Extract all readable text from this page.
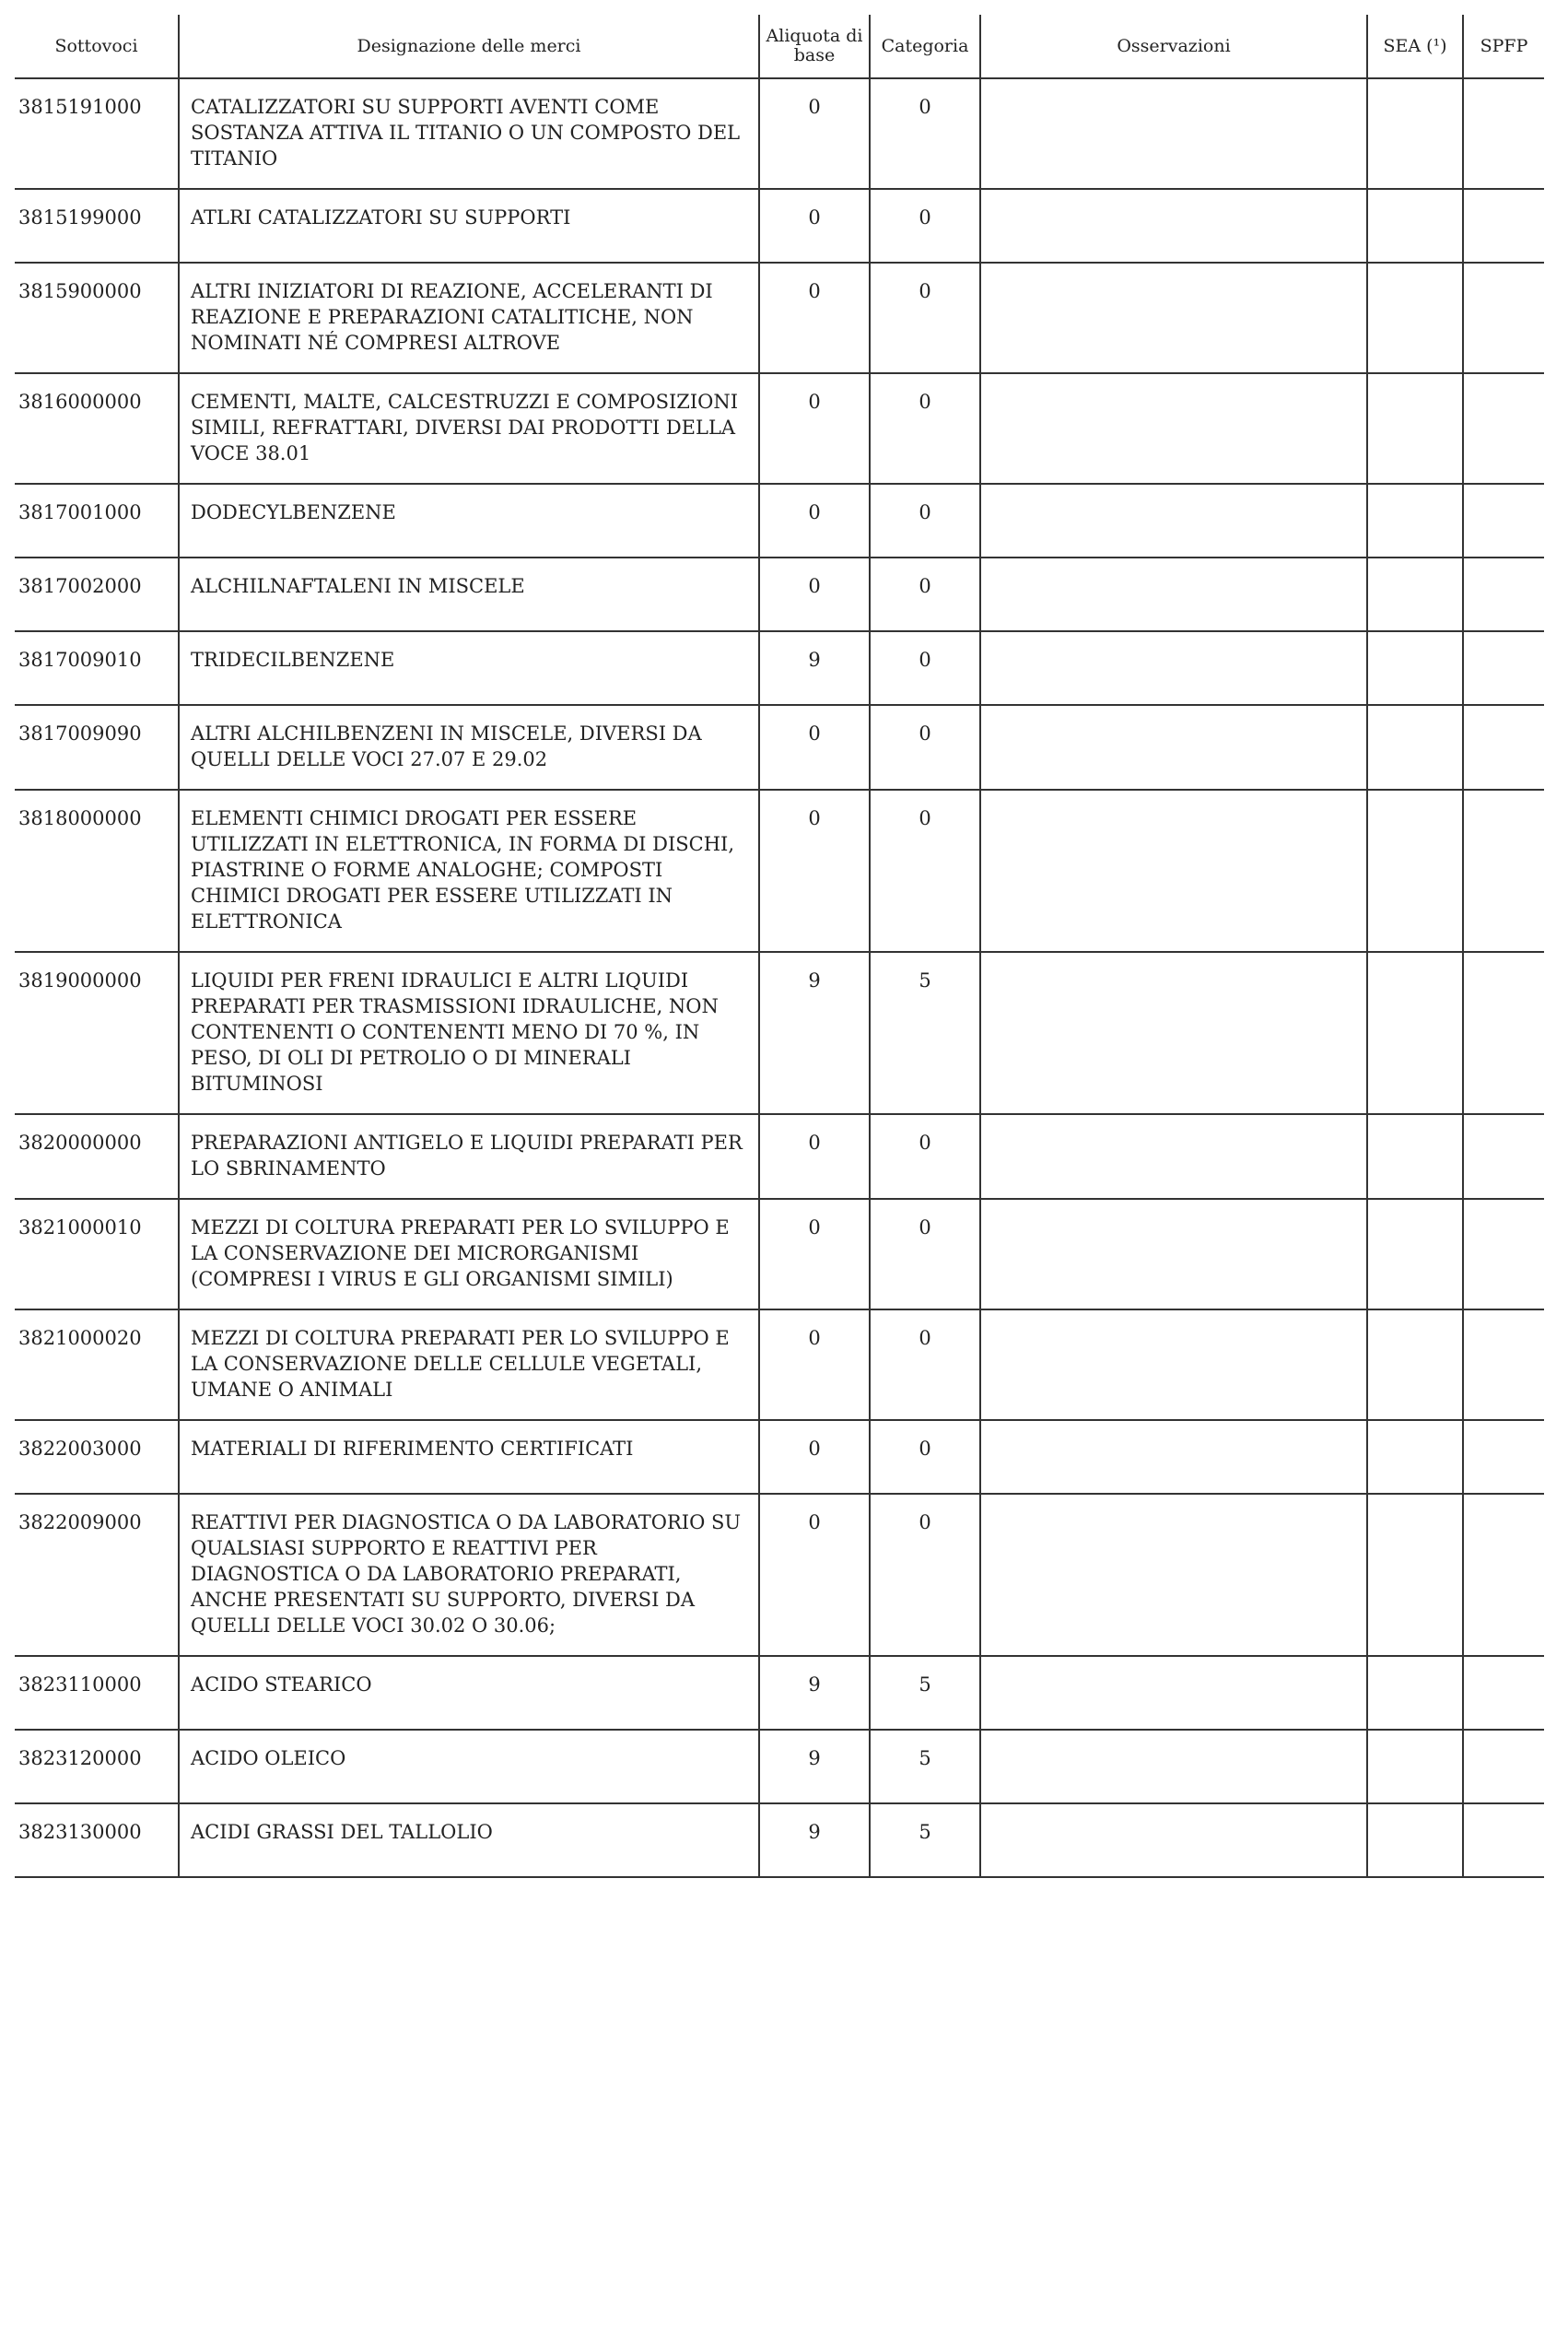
Sottovoci	Designazione delle merci	Aliquota di base	Categoria	Osservazioni	SEA (¹)	SPFP
3815191000	CATALIZZATORI SU SUPPORTI AVENTI COME SOSTANZA ATTIVA IL TITANIO O UN COMPOSTO DEL TITANIO	0	0			
3815199000	ATLRI CATALIZZATORI SU SUPPORTI	0	0			
3815900000	ALTRI INIZIATORI DI REAZIONE, ACCELERANTI DI REAZIONE E PREPARAZIONI CATALITICHE, NON NOMINATI NÉ COMPRESI ALTROVE	0	0			
3816000000	CEMENTI, MALTE, CALCESTRUZZI E COMPOSIZIONI SIMILI, REFRATTARI, DIVERSI DAI PRODOTTI DELLA VOCE 38.01	0	0			
3817001000	DODECYLBENZENE	0	0			
3817002000	ALCHILNAFTALENI IN MISCELE	0	0			
3817009010	TRIDECILBENZENE	9	0			
3817009090	ALTRI ALCHILBENZENI IN MISCELE, DIVERSI DA QUELLI DELLE VOCI 27.07 E 29.02	0	0			
3818000000	ELEMENTI CHIMICI DROGATI PER ESSERE UTILIZZATI IN ELETTRONICA, IN FORMA DI DISCHI, PIASTRINE O FORME ANALOGHE; COMPOSTI CHIMICI DROGATI PER ESSERE UTILIZZATI IN ELETTRONICA	0	0			
3819000000	LIQUIDI PER FRENI IDRAULICI E ALTRI LIQUIDI PREPARATI PER TRASMISSIONI IDRAULICHE, NON CONTENENTI O CONTENENTI MENO DI 70 %, IN PESO, DI OLI DI PETROLIO O DI MINERALI BITUMINOSI	9	5			
3820000000	PREPARAZIONI ANTIGELO E LIQUIDI PREPARATI PER LO SBRINAMENTO	0	0			
3821000010	MEZZI DI COLTURA PREPARATI PER LO SVILUPPO E LA CONSERVAZIONE DEI MICRORGANISMI (COMPRESI I VIRUS E GLI ORGANISMI SIMILI)	0	0			
3821000020	MEZZI DI COLTURA PREPARATI PER LO SVILUPPO E LA CONSERVAZIONE DELLE CELLULE VEGETALI, UMANE O ANIMALI	0	0			
3822003000	MATERIALI DI RIFERIMENTO CERTIFICATI	0	0			
3822009000	REATTIVI PER DIAGNOSTICA O DA LABORATORIO SU QUALSIASI SUPPORTO E REATTIVI PER DIAGNOSTICA O DA LABORATORIO PREPARATI, ANCHE PRESENTATI SU SUPPORTO, DIVERSI DA QUELLI DELLE VOCI 30.02 O 30.06;	0	0			
3823110000	ACIDO STEARICO	9	5			
3823120000	ACIDO OLEICO	9	5			
3823130000	ACIDI GRASSI DEL TALLOLIO	9	5			
